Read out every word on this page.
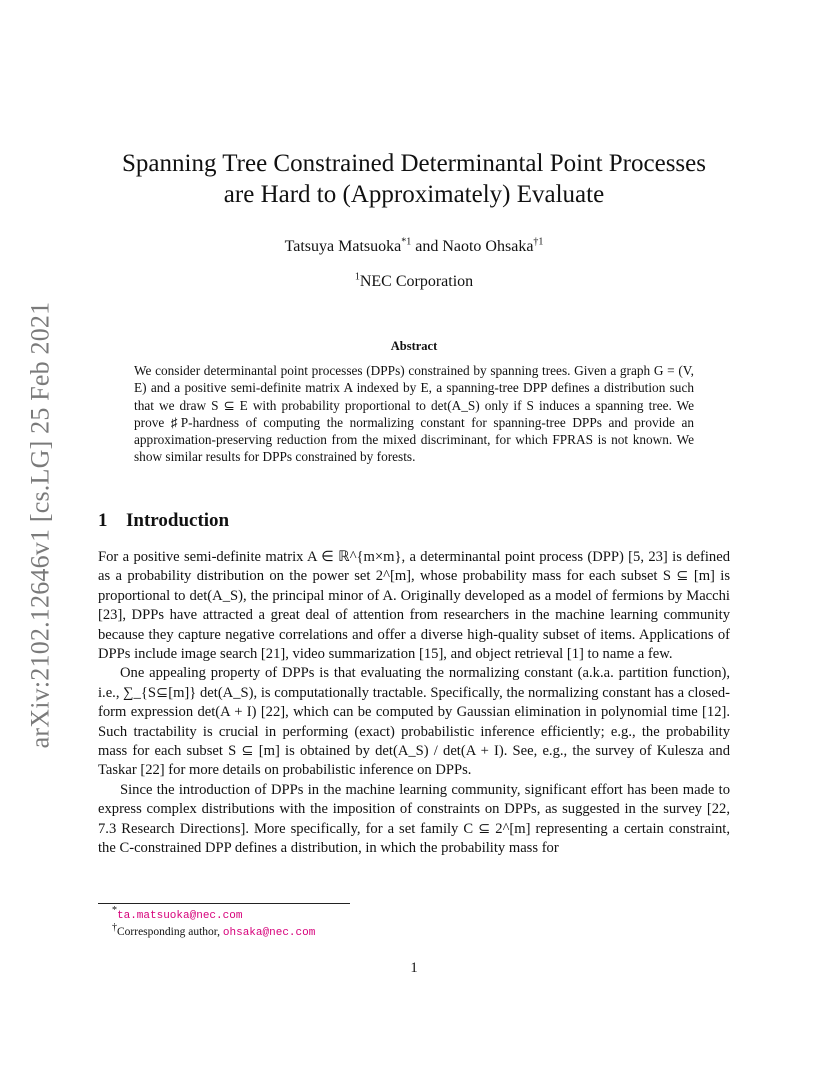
arXiv:2102.12646v1 [cs.LG] 25 Feb 2021
Spanning Tree Constrained Determinantal Point Processes
are Hard to (Approximately) Evaluate
Tatsuya Matsuoka$^{*1}$ and Naoto Ohsaka$^{\dagger 1}$
$^1$NEC Corporation
Abstract
We consider determinantal point processes (DPPs) constrained by spanning trees. Given a graph G = (V, E) and a positive semi-definite matrix A indexed by E, a spanning-tree DPP defines a distribution such that we draw S ⊆ E with probability proportional to det(A_S) only if S induces a spanning tree. We prove ♯P-hardness of computing the normalizing constant for spanning-tree DPPs and provide an approximation-preserving reduction from the mixed discriminant, for which FPRAS is not known. We show similar results for DPPs constrained by forests.
1 Introduction

For a positive semi-definite matrix A ∈ ℝ^{m×m}, a determinantal point process (DPP) [5, 23] is defined as a probability distribution on the power set 2^[m], whose probability mass for each subset S ⊆ [m] is proportional to det(A_S), the principal minor of A. Originally developed as a model of fermions by Macchi [23], DPPs have attracted a great deal of attention from researchers in the machine learning community because they capture negative correlations and offer a diverse high-quality subset of items. Applications of DPPs include image search [21], video summarization [15], and object retrieval [1] to name a few.

One appealing property of DPPs is that evaluating the normalizing constant (a.k.a. partition function), i.e., ∑_{S⊆[m]} det(A_S), is computationally tractable. Specifically, the normalizing constant has a closed-form expression det(A + I) [22], which can be computed by Gaussian elimination in polynomial time [12]. Such tractability is crucial in performing (exact) probabilistic inference efficiently; e.g., the probability mass for each subset S ⊆ [m] is obtained by det(A_S) / det(A + I). See, e.g., the survey of Kulesza and Taskar [22] for more details on probabilistic inference on DPPs.

Since the introduction of DPPs in the machine learning community, significant effort has been made to express complex distributions with the imposition of constraints on DPPs, as suggested in the survey [22, 7.3 Research Directions]. More specifically, for a set family C ⊆ 2^[m] representing a certain constraint, the C-constrained DPP defines a distribution, in which the probability mass for

*ta.matsuoka@nec.com
†Corresponding author, ohsaka@nec.com
1
